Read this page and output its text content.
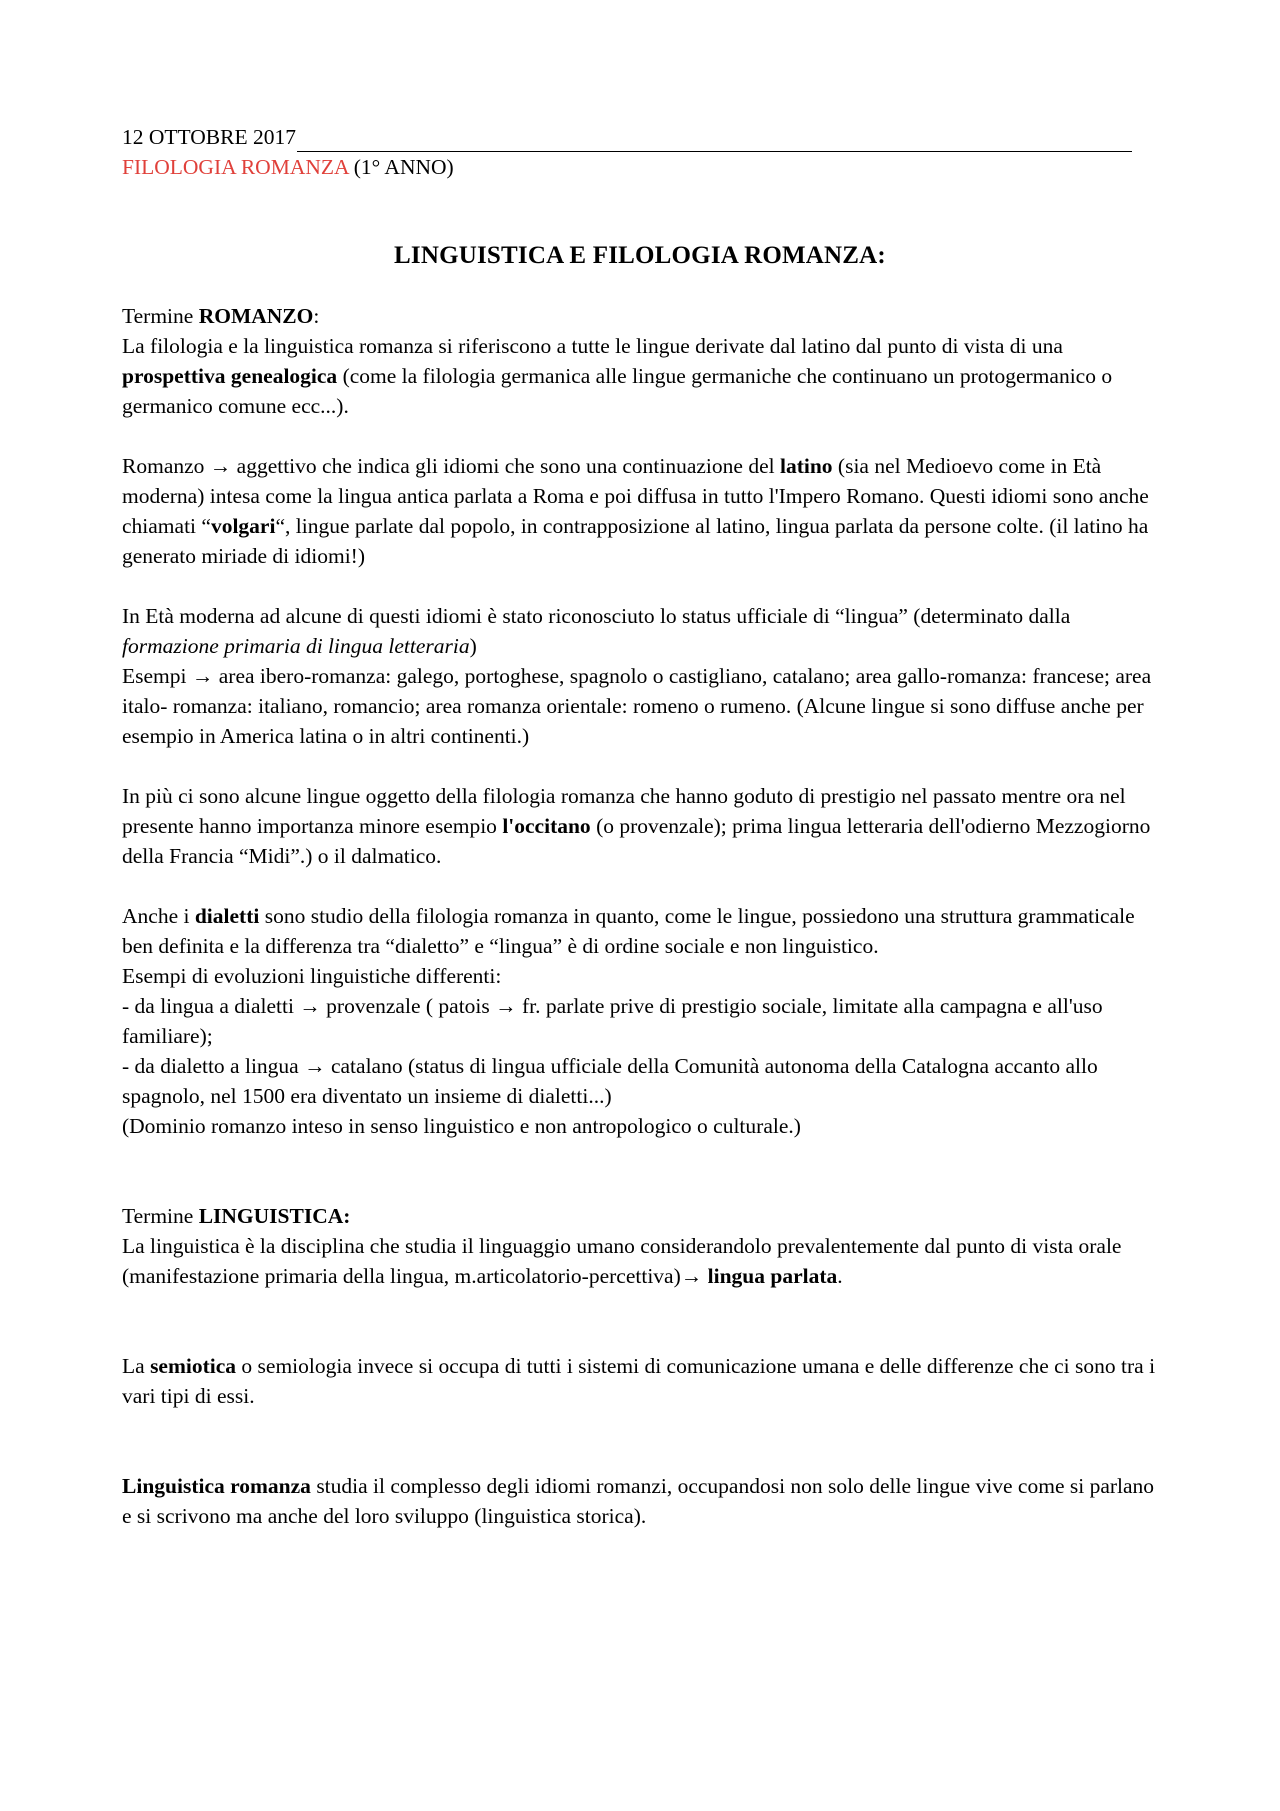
12 OTTOBRE 2017
FILOLOGIA ROMANZA (1° ANNO)
LINGUISTICA E FILOLOGIA ROMANZA:

Termine ROMANZO:

La filologia e la linguistica romanza si riferiscono a tutte le lingue derivate dal latino dal punto di vista di una prospettiva genealogica (come la filologia germanica alle lingue germaniche che continuano un protogermanico o germanico comune ecc...).

Romanzo → aggettivo che indica gli idiomi che sono una continuazione del latino (sia nel Medioevo come in Età moderna) intesa come la lingua antica parlata a Roma e poi diffusa in tutto l'Impero Romano. Questi idiomi sono anche chiamati “volgari“, lingue parlate dal popolo, in contrapposizione al latino, lingua parlata da persone colte. (il latino ha generato miriade di idiomi!)

In Età moderna ad alcune di questi idiomi è stato riconosciuto lo status ufficiale di “lingua” (determinato dalla formazione primaria di lingua letteraria)

Esempi → area ibero-romanza: galego, portoghese, spagnolo o castigliano, catalano; area gallo-romanza: francese; area italo- romanza: italiano, romancio; area romanza orientale: romeno o rumeno. (Alcune lingue si sono diffuse anche per esempio in America latina o in altri continenti.)

In più ci sono alcune lingue oggetto della filologia romanza che hanno goduto di prestigio nel passato mentre ora nel presente hanno importanza minore esempio l'occitano (o provenzale); prima lingua letteraria dell'odierno Mezzogiorno della Francia “Midi”.) o il dalmatico.

Anche i dialetti sono studio della filologia romanza in quanto, come le lingue, possiedono una struttura grammaticale ben definita e la differenza tra “dialetto” e “lingua” è di ordine sociale e non linguistico.

Esempi di evoluzioni linguistiche differenti:

- da lingua a dialetti → provenzale ( patois → fr. parlate prive di prestigio sociale, limitate alla campagna e all'uso familiare);

- da dialetto a lingua → catalano (status di lingua ufficiale della Comunità autonoma della Catalogna accanto allo spagnolo, nel 1500 era diventato un insieme di dialetti...)

(Dominio romanzo inteso in senso linguistico e non antropologico o culturale.)

Termine LINGUISTICA:

La linguistica è la disciplina che studia il linguaggio umano considerandolo prevalentemente dal punto di vista orale (manifestazione primaria della lingua, m.articolatorio-percettiva)→ lingua parlata.

La semiotica o semiologia invece si occupa di tutti i sistemi di comunicazione umana e delle differenze che ci sono tra i vari tipi di essi.

Linguistica romanza studia il complesso degli idiomi romanzi, occupandosi non solo delle lingue vive come si parlano e si scrivono ma anche del loro sviluppo (linguistica storica).
